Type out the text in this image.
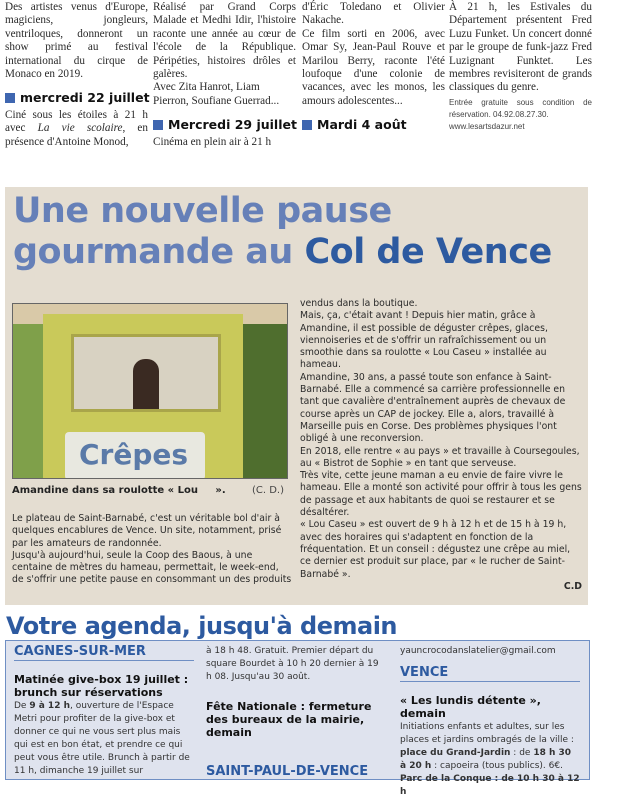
Des artistes venus d'Europe, magiciens, jongleurs, ventriloques, donneront un show primé au festival international du cirque de Monaco en 2019.

mercredi 22 juillet

Ciné sous les étoiles à 21 h avec La vie scolaire, en présence d'Antoine Monod,

Réalisé par Grand Corps Malade et Medhi Idir, l'histoire raconte une année au cœur de l'école de la République. Péripéties, histoires drôles et galères.

Avec Zita Hanrot, Liam Pierron, Soufiane Guerrad...

Mercredi 29 juillet

Cinéma en plein air à 21 h

d'Éric Toledano et Olivier Nakache.

Ce film sorti en 2006, avec Omar Sy, Jean-Paul Rouve et Marilou Berry, raconte l'été loufoque d'une colonie de vacances, avec les monos, les amours adolescentes...

Mardi 4 août

À 21 h, les Estivales du Département présentent Fred Luzu Funket. Un concert donné par le groupe de funk-jazz Fred Luzignant Funktet. Les membres revisiteront de grands classiques du genre.

Entrée gratuite sous condition de réservation. 04.92.08.27.30.

www.lesartsdazur.net

Une nouvelle pause gourmande au Col de Vence
Crêpes
Amandine dans sa roulotte « Lou     ».	(C. D.)

Le plateau de Saint-Barnabé, c'est un véritable bol d'air à quelques encablures de Vence. Un site, notamment, prisé par les amateurs de randonnée.

Jusqu'à aujourd'hui, seule la Coop des Baous, à une centaine de mètres du hameau, permettait, le week-end, de s'offrir une petite pause en consommant un des produits

vendus dans la boutique.

Mais, ça, c'était avant ! Depuis hier matin, grâce à Amandine, il est possible de déguster crêpes, glaces, viennoiseries et de s'offrir un rafraîchissement ou un smoothie dans sa roulotte « Lou Caseu » installée au hameau.

Amandine, 30 ans, a passé toute son enfance à Saint-Barnabé. Elle a commencé sa carrière professionnelle en tant que cavalière d'entraînement auprès de chevaux de course après un CAP de jockey. Elle a, alors, travaillé à Marseille puis en Corse. Des problèmes physiques l'ont obligé à une reconversion.

En 2018, elle rentre « au pays » et travaille à Coursegoules, au « Bistrot de Sophie » en tant que serveuse.

Très vite, cette jeune maman a eu envie de faire vivre le hameau. Elle a monté son activité pour offrir à tous les gens de passage et aux habitants de quoi se restaurer et se désaltérer.

« Lou Caseu » est ouvert de 9 h à 12 h et de 15 h à 19 h, avec des horaires qui s'adaptent en fonction de la fréquentation. Et un conseil : dégustez une crêpe au miel, ce dernier est produit sur place, par « le rucher de Saint-Barnabé ».

C.D

Votre agenda, jusqu'à demain
CAGNES-SUR-MER
Matinée give-box 19 juillet : brunch sur réservations

De 9 à 12 h, ouverture de l'Espace Metri pour profiter de la give-box et donner ce qui ne vous sert plus mais qui est en bon état, et prendre ce qui peut vous être utile. Brunch à partir de 11 h, dimanche 19 juillet sur

à 18 h 48. Gratuit. Premier départ du square Bourdet à 10 h 20 dernier à 19 h 08. Jusqu'au 30 août.

Fête Nationale : fermeture des bureaux de la mairie, demain
SAINT-PAUL-DE-VENCE

yauncrocodanslatelier@gmail.com

VENCE
« Les lundis détente », demain

Initiations enfants et adultes, sur les places et jardins ombragés de la ville : place du Grand-Jardin : de 18 h 30 à 20 h : capoeira (tous publics). 6€. Parc de la Conque : de 10 h 30 à 12 h
